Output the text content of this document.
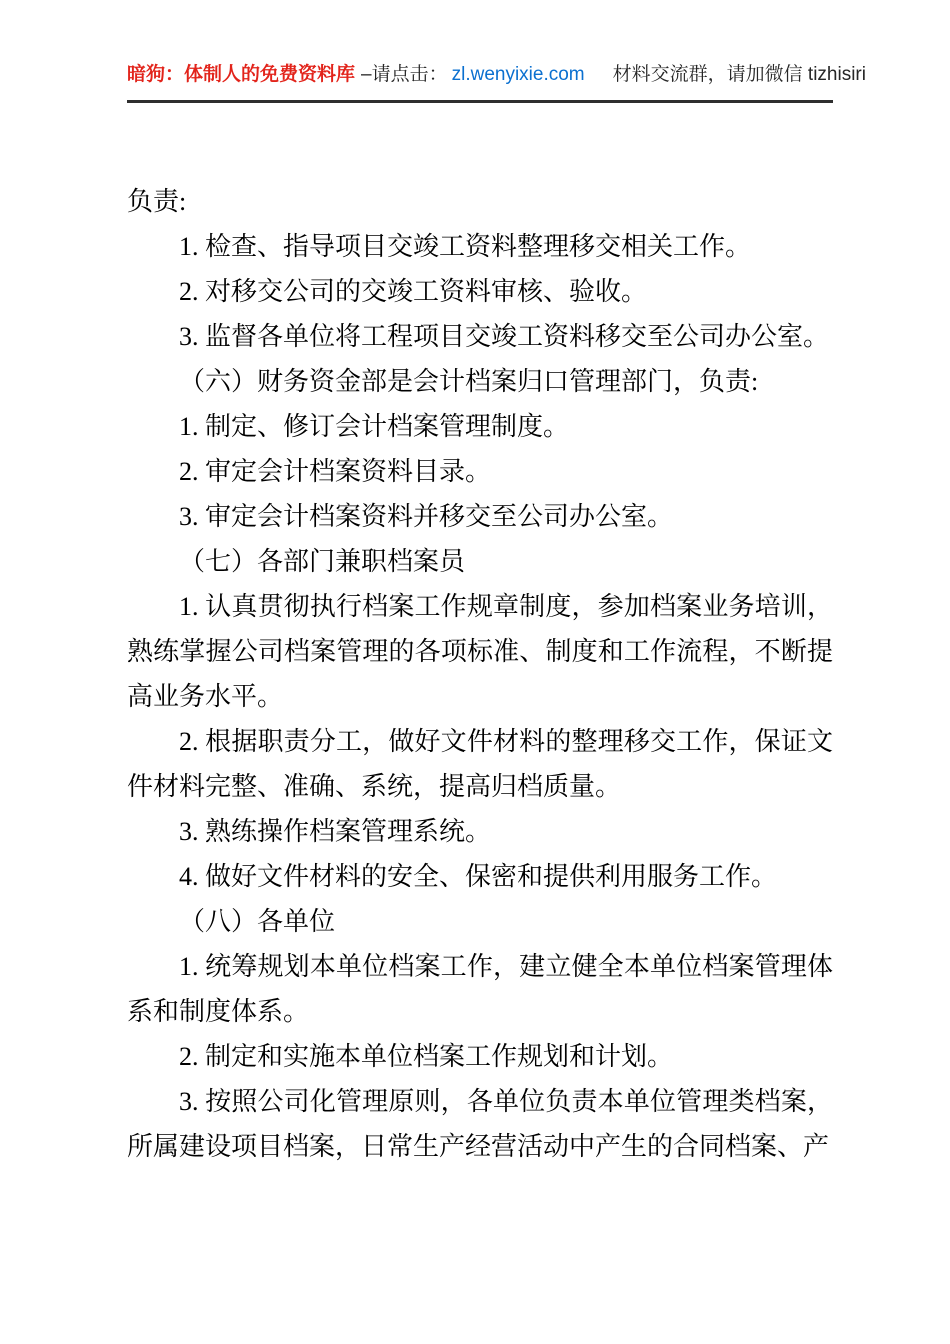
暗狗：体制人的免费资料库 –请点击： zl.wenyixie.com 材料交流群，请加微信 tizhisiri

负责:

1. 检查、指导项目交竣工资料整理移交相关工作。

2. 对移交公司的交竣工资料审核、验收。

3. 监督各单位将工程项目交竣工资料移交至公司办公室。

（六）财务资金部是会计档案归口管理部门，负责:

1. 制定、修订会计档案管理制度。

2. 审定会计档案资料目录。

3. 审定会计档案资料并移交至公司办公室。

（七）各部门兼职档案员

1. 认真贯彻执行档案工作规章制度，参加档案业务培训，熟练掌握公司档案管理的各项标准、制度和工作流程，不断提高业务水平。

2. 根据职责分工，做好文件材料的整理移交工作，保证文件材料完整、准确、系统，提高归档质量。

3. 熟练操作档案管理系统。

4. 做好文件材料的安全、保密和提供利用服务工作。

（八）各单位

1. 统筹规划本单位档案工作，建立健全本单位档案管理体系和制度体系。

2. 制定和实施本单位档案工作规划和计划。

3. 按照公司化管理原则，各单位负责本单位管理类档案，所属建设项目档案，日常生产经营活动中产生的合同档案、产
